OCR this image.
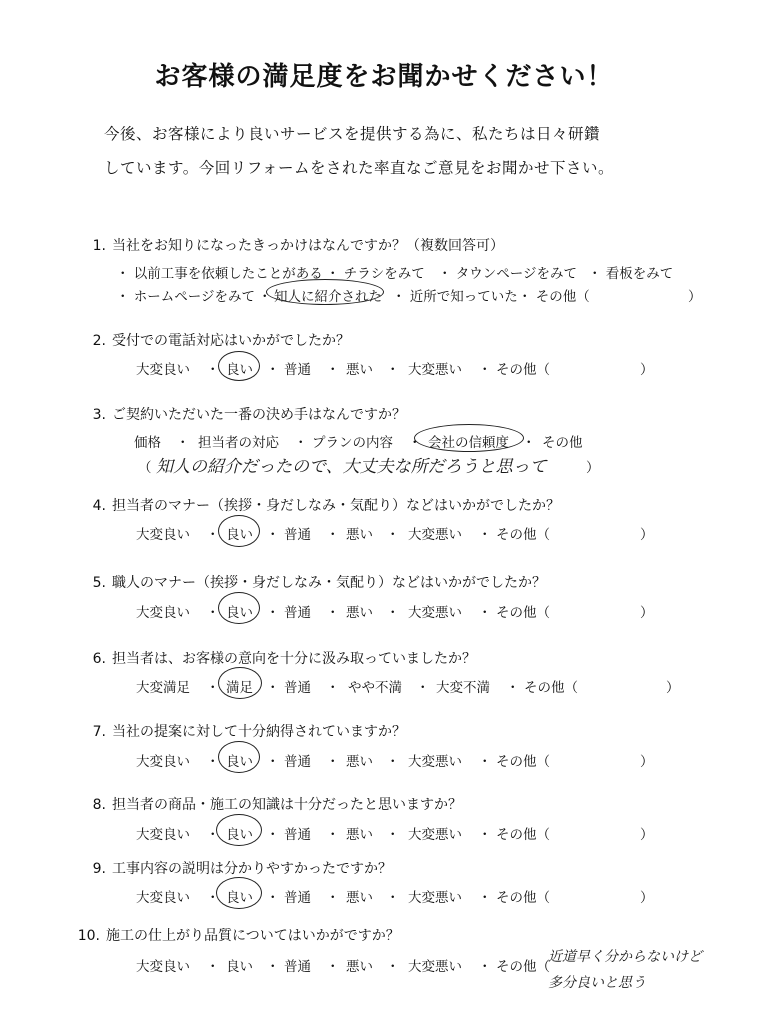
お客様の満足度をお聞かせください！
今後、お客様により良いサービスを提供する為に、私たちは日々研鑽
しています。今回リフォームをされた率直なご意見をお聞かせ下さい。
1. 当社をお知りになったきっかけはなんですか？（複数回答可）
・ 以前工事を依頼したことがある ・ チラシをみて ・ タウンページをみて ・ 看板をみて
・ ホームページをみて ・ 知人に紹介された ・ 近所で知っていた ・ その他（	）
2. 受付での電話対応はいかがでしたか？
大変良い ・ 良い ・ 普通 ・ 悪い ・ 大変悪い ・ その他（	）
3. ご契約いただいた一番の決め手はなんですか？
価格 ・ 担当者の対応 ・ プランの内容 ・ 会社の信頼度 ・ その他
（	）
知人の紹介だったので、大丈夫な所だろうと思って
4. 担当者のマナー（挨拶・身だしなみ・気配り）などはいかがでしたか？
大変良い ・ 良い ・ 普通 ・ 悪い ・ 大変悪い ・ その他（	）
5. 職人のマナー（挨拶・身だしなみ・気配り）などはいかがでしたか？
大変良い ・ 良い ・ 普通 ・ 悪い ・ 大変悪い ・ その他（	）
6. 担当者は、お客様の意向を十分に汲み取っていましたか？
大変満足 ・ 満足 ・ 普通 ・ やや不満 ・ 大変不満 ・ その他（	）
7. 当社の提案に対して十分納得されていますか？
大変良い ・ 良い ・ 普通 ・ 悪い ・ 大変悪い ・ その他（	）
8. 担当者の商品・施工の知識は十分だったと思いますか？
大変良い ・ 良い ・ 普通 ・ 悪い ・ 大変悪い ・ その他（	）
9. 工事内容の説明は分かりやすかったですか？
大変良い ・ 良い ・ 普通 ・ 悪い ・ 大変悪い ・ その他（	）
10. 施工の仕上がり品質についてはいかがですか？
大変良い ・ 良い ・ 普通 ・ 悪い ・ 大変悪い ・ その他（
近道早く分からないけど
多分良いと思う
